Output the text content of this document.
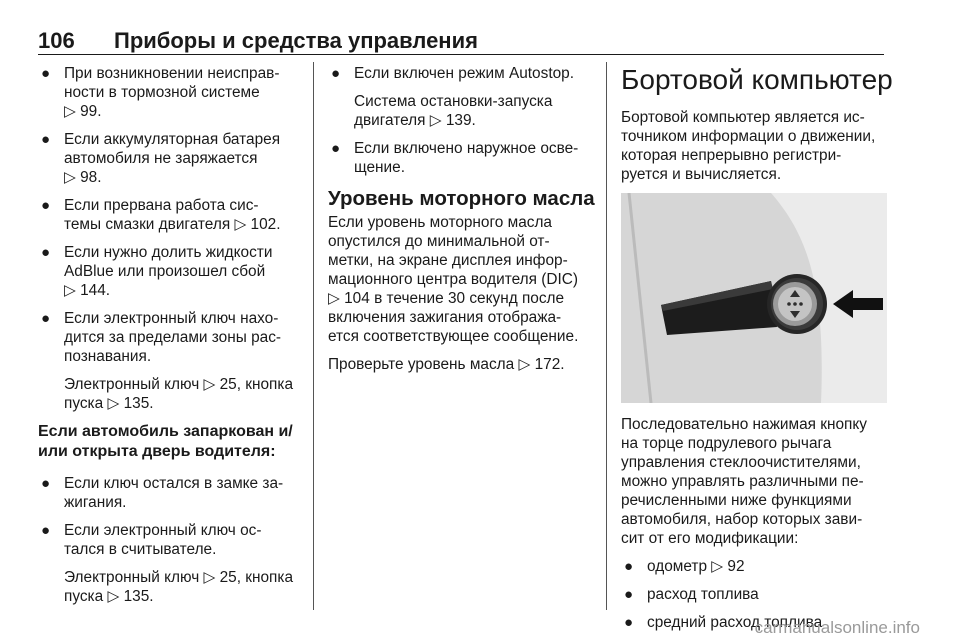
106 Приборы и средства управления
● При возникновении неисправ-
ности в тормозной системе
▷ 99.
● Если аккумуляторная батарея
автомобиля не заряжается
▷ 98.
● Если прервана работа сис-
темы смазки двигателя ▷ 102.
● Если нужно долить жидкости
AdBlue или произошел сбой
▷ 144.
● Если электронный ключ нахо-
дится за пределами зоны рас-
познавания.
Электронный ключ ▷ 25, кнопка
пуска ▷ 135.
Если автомобиль запаркован и/
или открыта дверь водителя:
● Если ключ остался в замке за-
жигания.
● Если электронный ключ ос-
тался в считывателе.
Электронный ключ ▷ 25, кнопка
пуска ▷ 135.
● Если включен режим Autostop.
Система остановки-запуска
двигателя ▷ 139.
● Если включено наружное осве-
щение.
Уровень моторного масла
Если уровень моторного масла
опустился до минимальной от-
метки, на экране дисплея инфор-
мационного центра водителя (DIC)
▷ 104 в течение 30 секунд после
включения зажигания отобража-
ется соответствующее сообщение.
Проверьте уровень масла ▷ 172.
Бортовой компьютер
Бортовой компьютер является ис-
точником информации о движении,
которая непрерывно регистри-
руется и вычисляется.
Последовательно нажимая кнопку
на торце подрулевого рычага
управления стеклоочистителями,
можно управлять различными пе-
речисленными ниже функциями
автомобиля, набор которых зави-
сит от его модификации:
● одометр ▷ 92
● расход топлива
● средний расход топлива
carmanualsonline.info
